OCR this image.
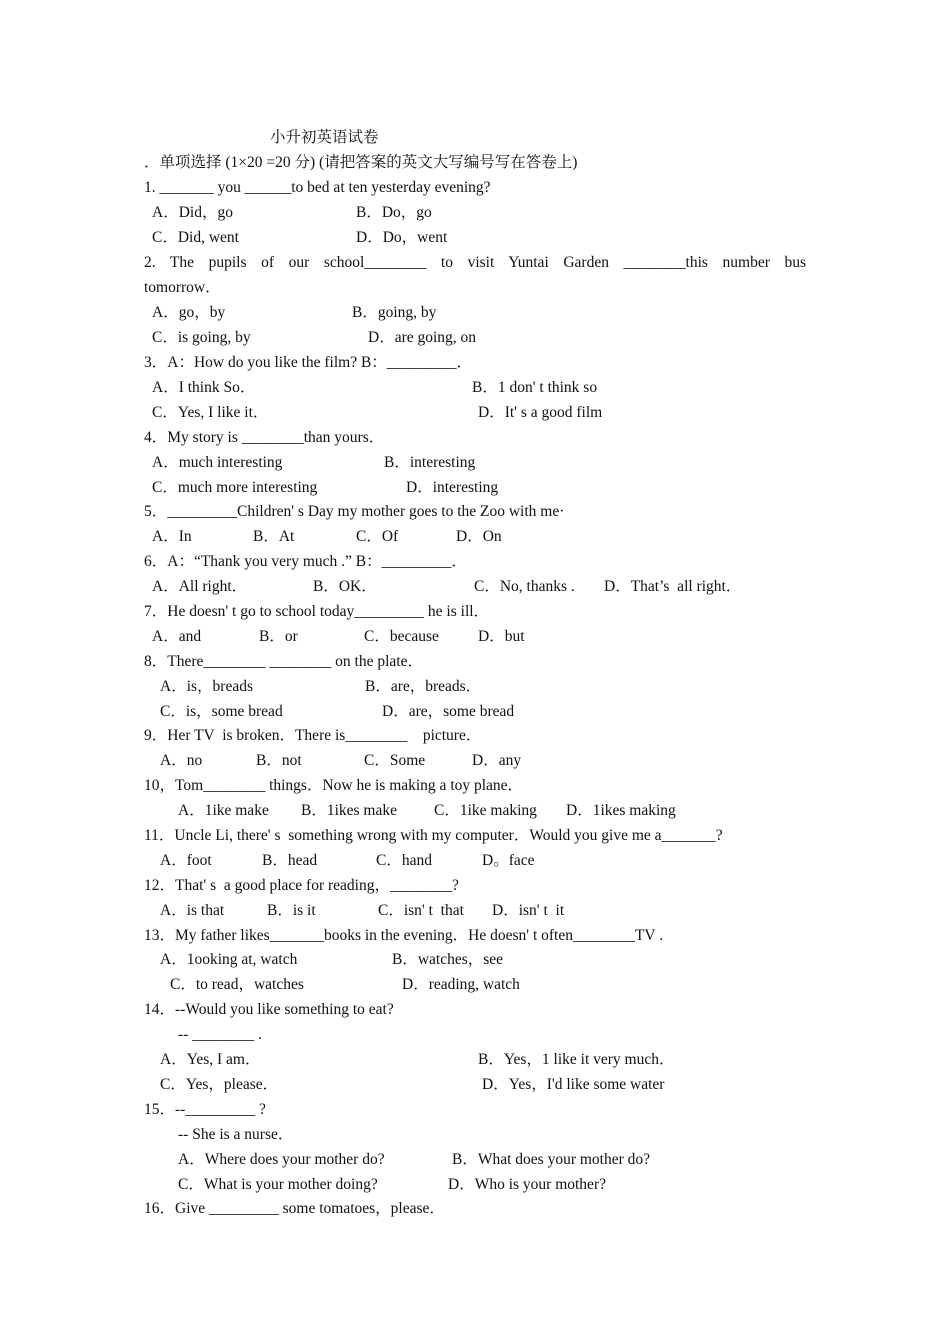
小升初英语试卷
．单项选择 (1×20 =20 分) (请把答案的英文大写编号写在答卷上)
1. _______ you ______to bed at ten yesterday evening?
A．Did，go	B．Do，go
C．Did, went	D．Do，went
2. The pupils of our school________ to visit Yuntai Garden ________this number bus
tomorrow．
A．go，by	B．going, by
C．is going, by	D．are going, on
3．A：How do you like the film? B：_________．
A．I think So．	B．1 don' t think so
C．Yes, I like it．	D．It' s a good film
4．My story is ________than yours．
A．much interesting	B．interesting
C．much more interesting	D．interesting
5．_________Children' s Day my mother goes to the Zoo with me·
A．In	B．At	C．Of	D．On
6．A：“Thank you very much .” B：_________．
A．All right．	B．OK．	C．No, thanks . D．That’s  all right．
7．He doesn' t go to school today_________ he is ill．
A．and	B．or	C．because	D．but
8．There________ ________ on the plate．
A．is，breads	B．are，breads．
C．is，some bread	D．are，some bread
9．Her TV  is broken．There is________    picture．
A．no	B．not	C．Some	D．any
10，Tom________ things．Now he is making a toy plane．
A．1ike make B．1ikes make C．1ike making D．1ikes making
11．Uncle Li, there' s  something wrong with my computer．Would you give me a_______?
A．foot	B．head	C．hand	D。face
12．That' s  a good place for reading，________?
A．is that	B．is it	C．isn' t  that D．isn' t  it
13．My father likes_______books in the evening．He doesn' t often________TV .
A．1ooking at, watch	B．watches，see
C．to read，watches	D．reading, watch
14．--Would you like something to eat?
-- ________ .
A．Yes, I am．	B．Yes，1 like it very much．
C．Yes，please．	D．Yes，I'd like some water
15．--_________ ?
-- She is a nurse．
A．Where does your mother do?	B．What does your mother do?
C．What is your mother doing?	D．Who is your mother?
16．Give _________ some tomatoes，please．
